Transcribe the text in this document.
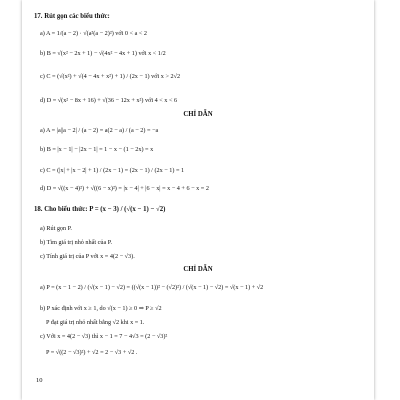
17. Rút gọn các biểu thức:
a) A = 1/(a − 2) · √(a²(a − 2)²) với 0 < a < 2
b) B = √(x² − 2x + 1) − √(4x² − 4x + 1) với x < 1/2
c) C = (√(x²) + √(4 − 4x + x²) + 1) / (2x − 1) với x > 2√2
d) D = √(x² − 8x + 16) + √(36 − 12x + x²) với 4 < x < 6
CHỈ DẪN
a) A = |a||a − 2| / (a − 2) = a(2 − a) / (a − 2) = −a
b) B = |x − 1| − |2x − 1| = 1 − x − (1 − 2x) = x
c) C = (|x| + |x − 2| + 1) / (2x − 1) = (2x − 1) / (2x − 1) = 1
d) D = √((x − 4)²) + √((6 − x)²) = |x − 4| + |6 − x| = x − 4 + 6 − x = 2
18. Cho biểu thức: P = (x − 3) / (√(x − 1) − √2)
a) Rút gọn P.
b) Tìm giá trị nhỏ nhất của P.
c) Tính giá trị của P với x = 4(2 − √3).
CHỈ DẪN
a) P = (x − 1 − 2) / (√(x − 1) − √2) = ((√(x − 1))² − (√2)²) / (√(x − 1) − √2) = √(x − 1) + √2
b) P xác định với x ≥ 1, do √(x − 1) ≥ 0 ⇒ P ≥ √2
P đạt giá trị nhỏ nhất bằng √2 khi x = 1.
c) Với x = 4(2 − √3) thì x − 1 = 7 − 4√3 = (2 − √3)²
P = √((2 − √3)²) + √2 = 2 − √3 + √2 .
10
